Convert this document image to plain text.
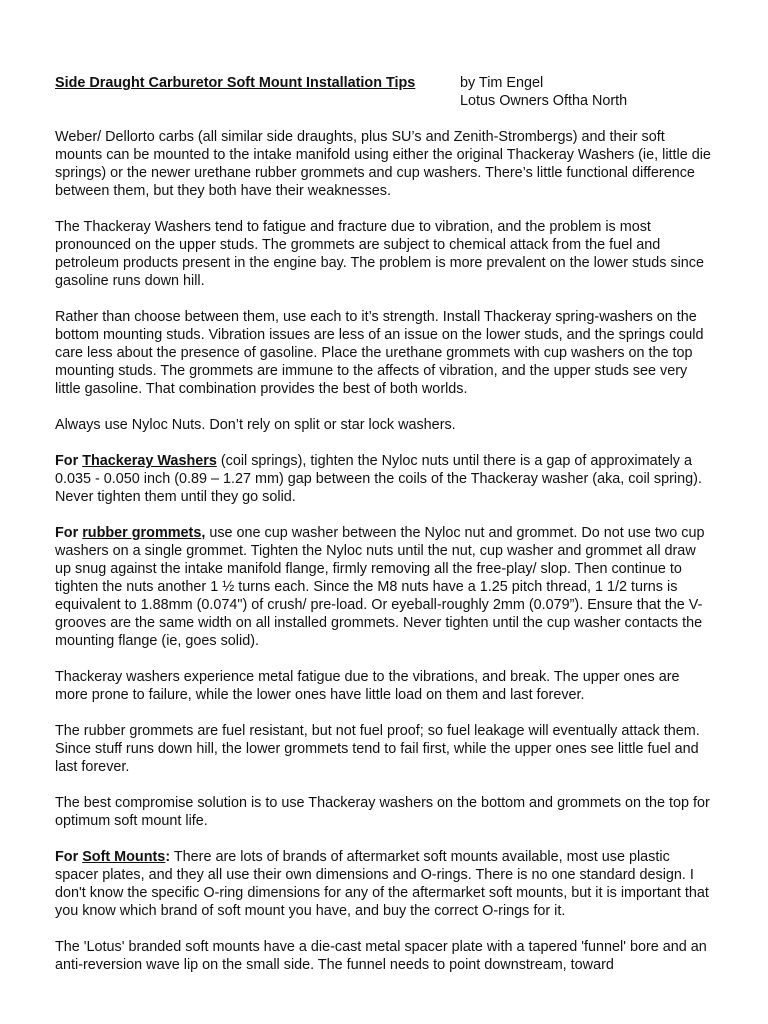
Side Draught Carburetor Soft Mount Installation Tips	by Tim Engel
Lotus Owners Oftha North

Weber/ Dellorto carbs (all similar side draughts, plus SU’s and Zenith-Strombergs) and their soft mounts can be mounted to the intake manifold using either the original Thackeray Washers (ie, little die springs) or the newer urethane rubber grommets and cup washers. There’s little functional difference between them, but they both have their weaknesses.

The Thackeray Washers tend to fatigue and fracture due to vibration, and the problem is most pronounced on the upper studs. The grommets are subject to chemical attack from the fuel and petroleum products present in the engine bay. The problem is more prevalent on the lower studs since gasoline runs down hill.

Rather than choose between them, use each to it’s strength. Install Thackeray spring-washers on the bottom mounting studs. Vibration issues are less of an issue on the lower studs, and the springs could care less about the presence of gasoline. Place the urethane grommets with cup washers on the top mounting studs. The grommets are immune to the affects of vibration, and the upper studs see very little gasoline. That combination provides the best of both worlds.

Always use Nyloc Nuts. Don’t rely on split or star lock washers.

For Thackeray Washers (coil springs), tighten the Nyloc nuts until there is a gap of approximately a 0.035 - 0.050 inch (0.89 – 1.27 mm) gap between the coils of the Thackeray washer (aka, coil spring). Never tighten them until they go solid.

For rubber grommets, use one cup washer between the Nyloc nut and grommet. Do not use two cup washers on a single grommet. Tighten the Nyloc nuts until the nut, cup washer and grommet all draw up snug against the intake manifold flange, firmly removing all the free-play/ slop. Then continue to tighten the nuts another 1 ½ turns each. Since the M8 nuts have a 1.25 pitch thread, 1 1/2 turns is equivalent to 1.88mm (0.074") of crush/ pre-load. Or eyeball-roughly 2mm (0.079”). Ensure that the V-grooves are the same width on all installed grommets. Never tighten until the cup washer contacts the mounting flange (ie, goes solid).

Thackeray washers experience metal fatigue due to the vibrations, and break. The upper ones are more prone to failure, while the lower ones have little load on them and last forever.

The rubber grommets are fuel resistant, but not fuel proof; so fuel leakage will eventually attack them. Since stuff runs down hill, the lower grommets tend to fail first, while the upper ones see little fuel and last forever.

The best compromise solution is to use Thackeray washers on the bottom and grommets on the top for optimum soft mount life.

For Soft Mounts: There are lots of brands of aftermarket soft mounts available, most use plastic spacer plates, and they all use their own dimensions and O-rings. There is no one standard design. I don't know the specific O-ring dimensions for any of the aftermarket soft mounts, but it is important that you know which brand of soft mount you have, and buy the correct O-rings for it.

The 'Lotus' branded soft mounts have a die-cast metal spacer plate with a tapered 'funnel' bore and an anti-reversion wave lip on the small side. The funnel needs to point downstream, toward
